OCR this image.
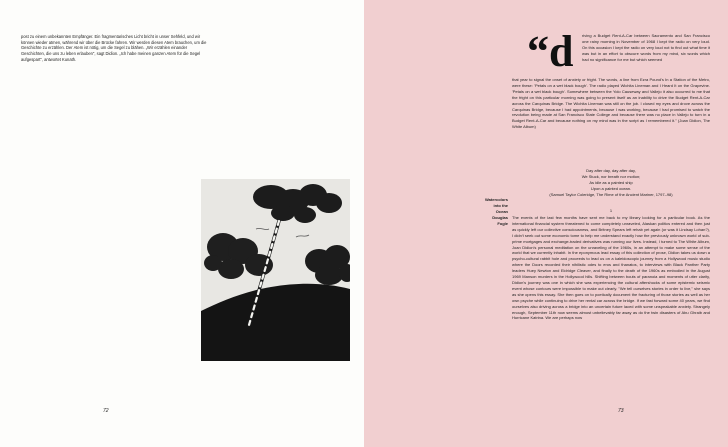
post zu einem unbekannten Empfänger. Ein fragmentarisches Licht bricht in unser Sehfeld, und wir können wieder atmen, während wir über die Brücke fahren. Wir werden diesen Atem brauchen, um die Geschichte zu erzählen. Der Atem ist nötig, um die Segel zu blähen. „Wir erzählen einander Geschichten, die uns zu leben erlauben", sagt Didion. „Ich habe meinen ganzen Atem für die Segel aufgespart", antwortet Kunath.

72

“d riving a Budget Rent-A-Car between Sacramento and San Francisco one rainy morning in November of 1968 I kept the radio on very loud. On this occasion I kept the radio on very loud not to find out what time it was but in an effort to obscure words from my mind, six words which had no significance for me but which seemed

that year to signal the onset of anxiety or fright. The words, a line from Ezra Pound's In a Station of the Metro, were these: 'Petals on a wet black bough'. The radio played Wichita Lineman and I Heard It on the Grapevine. 'Petals on a wet black bough'. Somewhere between the Yolo Causeway and Vallejo it also occurred to me that the fright on this particular morning was going to present itself as an inability to drive the Budget Rent-A-Car across the Carquinas Bridge. The Wichita Lineman was still on the job. I closed my eyes and drove across the Carquinas Bridge, because I had appointments, because I was working, because I had promised to watch the revolution being made at San Francisco State College and because there was no place in Vallejo to turn in a Budget Rent-A-Car and because nothing on my mind was in the script as I remembered it." (Joan Didion, The White Album)

Day after day, day after day,
We Stuck, nor breath nor motion;
As idle as a painted ship
Upon a painted ocean.
(Samuel Taylor Coleridge, The Rime of the Ancient Mariner, 1797–98)
Watercolors
into the
Ocean
Douglas
Fogle

1

The events of the last few months have sent me back to my library looking for a particular book. As the international financial system threatened to come completely unraveled, Alaskan politics entered and then just as quickly left our collective consciousness, and Britney Spears left rehab yet again (or was it Lindsay Lohan?), I didn't seek out some economic tome to help me understand exactly how the previously unknown world of sub-prime mortgages and exchange-traded derivatives was running our lives. Instead, I turned to The White Album, Joan Didion's personal meditation on the unraveling of the 1960s, in an attempt to make some sense of the world that we currently inhabit. In the eponymous lead essay of this collection of prose, Didion takes us down a psycho-cultural rabbit hole and proceeds to lead us on a kaleidoscopic journey from a Hollywood music studio where the Doors recorded their nihilistic odes to eros and thanatos, to interviews with Black Panther Party leaders Huey Newton and Eldridge Cleaver, and finally to the death of the 1960s as embodied in the August 1969 Manson murders in the Hollywood hills. Shifting between bouts of paranoia and moments of utter clarity, Didion's journey was one in which she was experiencing the cultural aftershocks of some epistemic seismic event whose contours were impossible to make out clearly. "We tell ourselves stories in order to live," she says as she opens this essay. She then goes on to poetically document the fracturing of those stories as well as her own psyche while continuing to drive her rental car across the bridge. If we fast forward some 40 years, we find ourselves also driving across a bridge into an uncertain future laced with some unspeakable anxiety. Strangely enough, September 11th now seems almost unbelievably far away as do the twin disasters of Abu Ghraib and Hurricane Katrina. We are perhaps now

73
